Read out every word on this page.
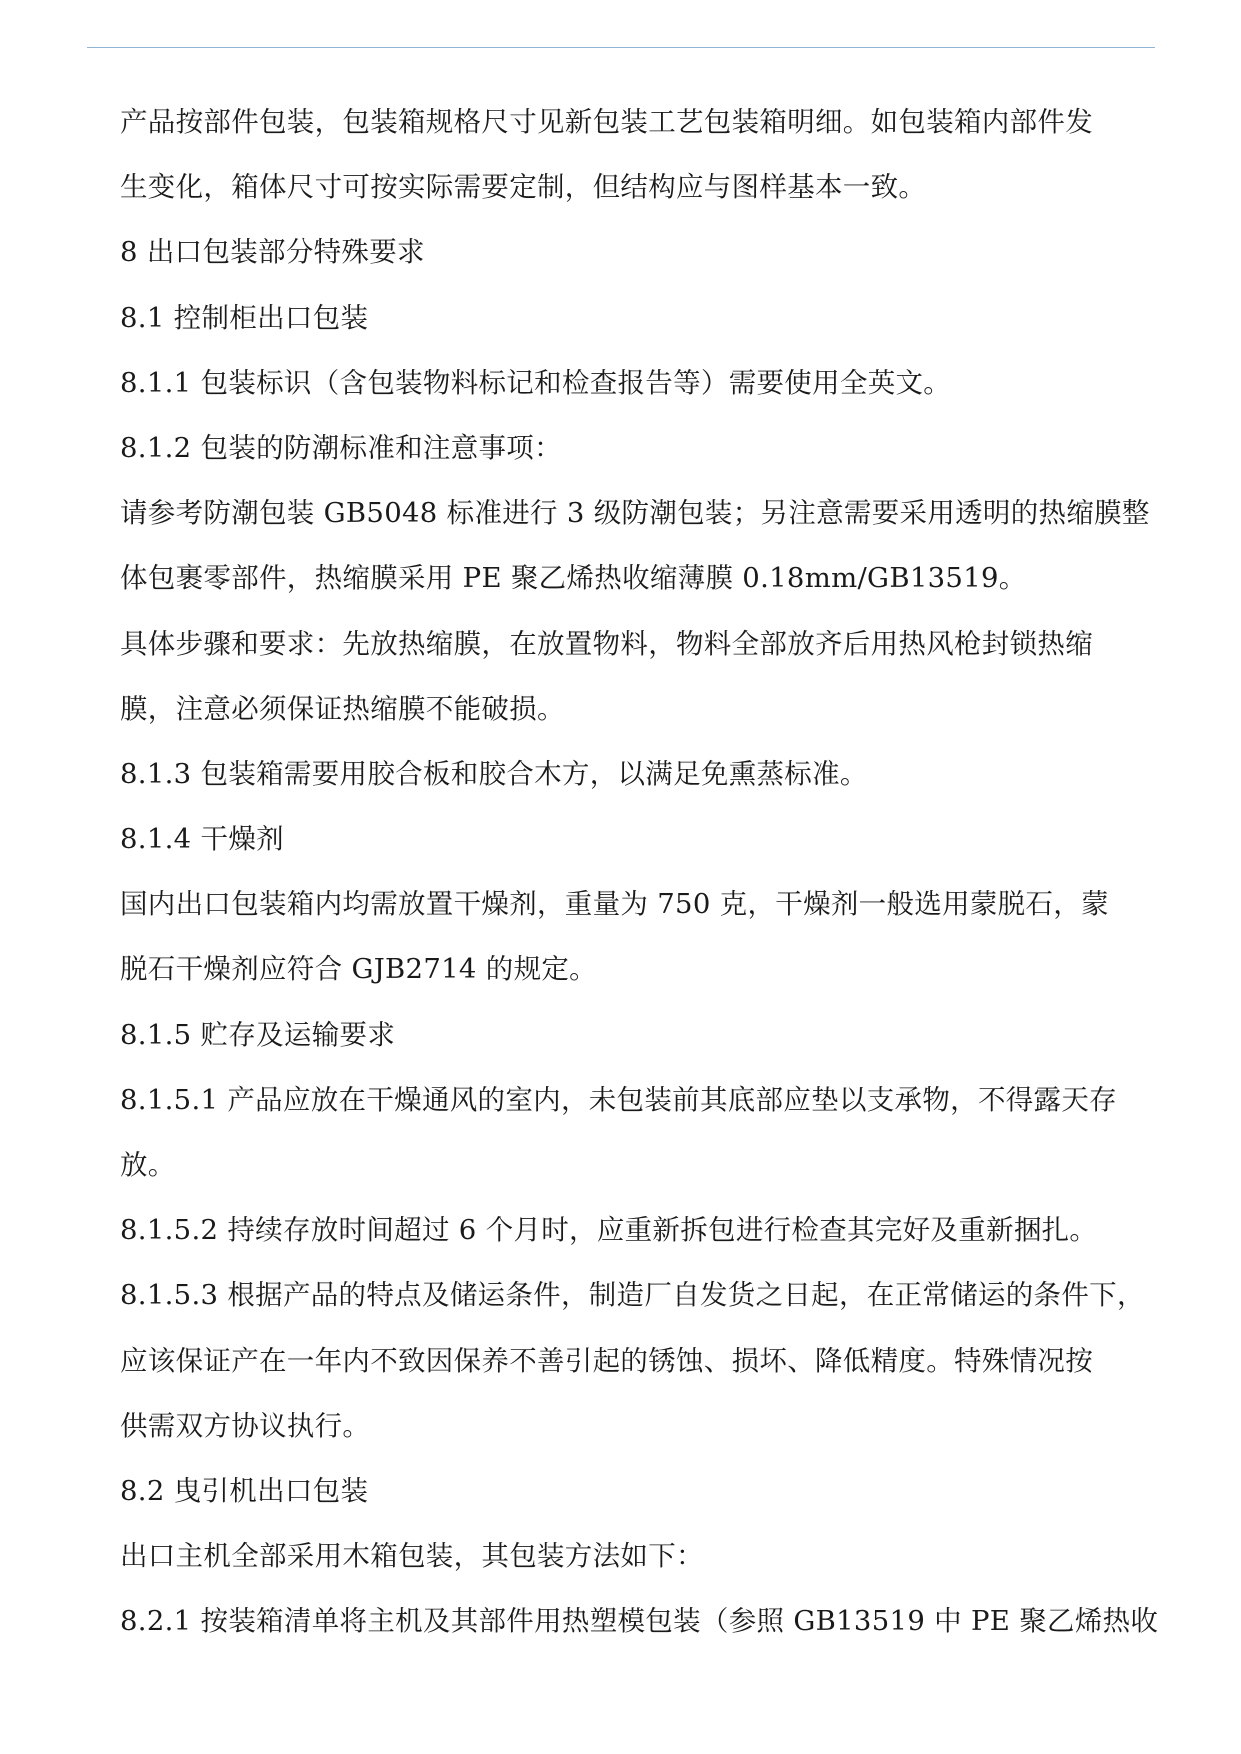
产品按部件包装，包装箱规格尺寸见新包装工艺包装箱明细。如包装箱内部件发
生变化，箱体尺寸可按实际需要定制，但结构应与图样基本一致。
8 出口包装部分特殊要求
8.1 控制柜出口包装
8.1.1 包装标识（含包装物料标记和检查报告等）需要使用全英文。
8.1.2 包装的防潮标准和注意事项：
请参考防潮包装 GB5048 标准进行 3 级防潮包装；另注意需要采用透明的热缩膜整
体包裹零部件，热缩膜采用 PE 聚乙烯热收缩薄膜 0.18mm/GB13519。
具体步骤和要求：先放热缩膜，在放置物料，物料全部放齐后用热风枪封锁热缩
膜，注意必须保证热缩膜不能破损。
8.1.3 包装箱需要用胶合板和胶合木方，以满足免熏蒸标准。
8.1.4 干燥剂
国内出口包装箱内均需放置干燥剂，重量为 750 克，干燥剂一般选用蒙脱石，蒙
脱石干燥剂应符合 GJB2714 的规定。
8.1.5 贮存及运输要求
8.1.5.1 产品应放在干燥通风的室内，未包装前其底部应垫以支承物，不得露天存
放。
8.1.5.2 持续存放时间超过 6 个月时，应重新拆包进行检查其完好及重新捆扎。
8.1.5.3 根据产品的特点及储运条件，制造厂自发货之日起，在正常储运的条件下，
应该保证产在一年内不致因保养不善引起的锈蚀、损坏、降低精度。特殊情况按
供需双方协议执行。
8.2 曳引机出口包装
出口主机全部采用木箱包装，其包装方法如下：
8.2.1 按装箱清单将主机及其部件用热塑模包装（参照 GB13519 中 PE 聚乙烯热收
